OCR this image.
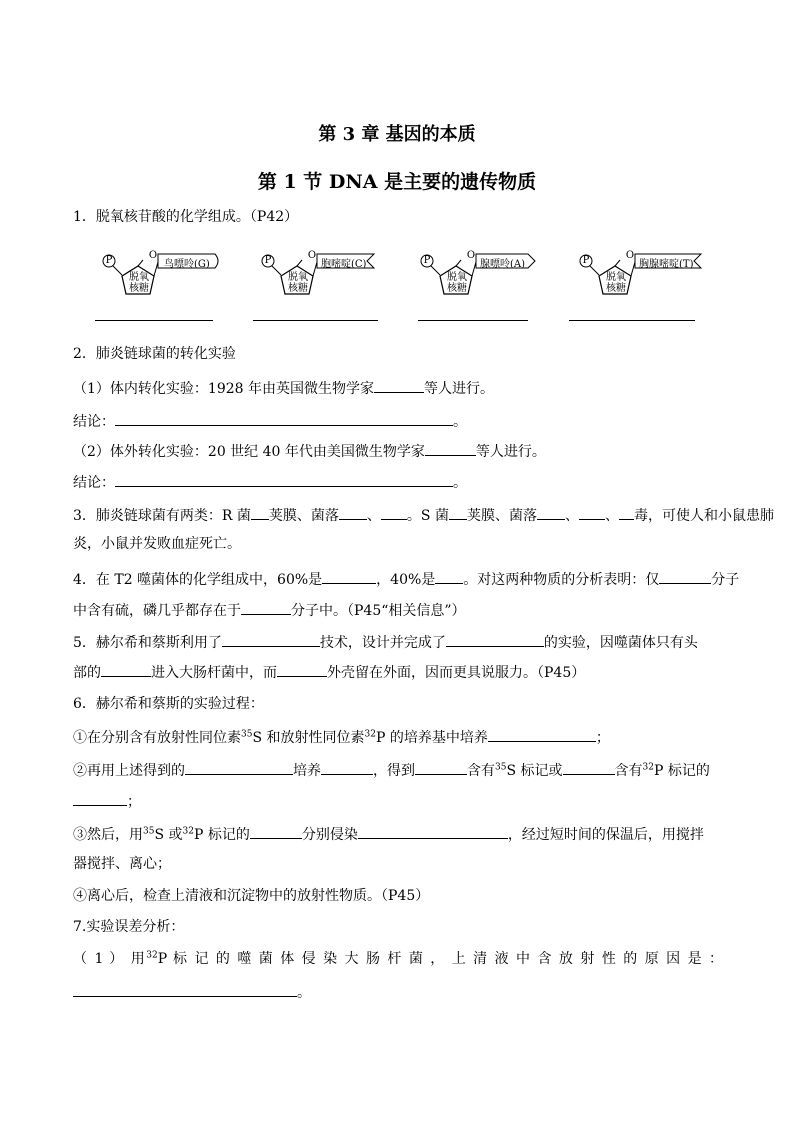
第 3 章 基因的本质
第 1 节 DNA 是主要的遗传物质
1．脱氧核苷酸的化学组成。（P42）
O
鸟嘌呤(G)
脱氧
核糖
P	O
胞嘧啶(C)
脱氧
核糖
P	O
腺嘌呤(A)
脱氧
核糖
P	O
胸腺嘧啶(T)
脱氧
核糖
P
2．肺炎链球菌的转化实验
（1）体内转化实验：1928 年由英国微生物学家	等人进行。
结论：	。
（2）体外转化实验：20 世纪 40 年代由美国微生物学家	等人进行。
结论：	。
3．肺炎链球菌有两类：R 菌 荚膜、菌落 、 。S 菌 荚膜、菌落 、 、 毒，可使人和小鼠患肺
炎，小鼠并发败血症死亡。
4．在 T2 噬菌体的化学组成中，60%是	，40%是 。对这两种物质的分析表明：仅	分子
中含有硫，磷几乎都存在于	分子中。（P45“相关信息”）
5．赫尔希和蔡斯利用了	技术，设计并完成了	的实验，因噬菌体只有头
部的	进入大肠杆菌中，而	外壳留在外面，因而更具说服力。（P45）
6．赫尔希和蔡斯的实验过程：
①在分别含有放射性同位素$^{35}$S 和放射性同位素$^{32}$P 的培养基中培养	；
②再用上述得到的	培养	，得到	含有$^{35}$S 标记或	含有$^{32}$P 标记的
；
③然后，用$^{35}$S 或$^{32}$P 标记的	分别侵染	，经过短时间的保温后，用搅拌
器搅拌、离心；
④离心后，检查上清液和沉淀物中的放射性物质。（P45）
7.实验误差分析：
（ 1 ） 用$^{32}$P 标 记 的 噬 菌 体 侵 染 大 肠 杆 菌 ， 上 清 液 中 含 放 射 性 的 原 因 是 ：
。
